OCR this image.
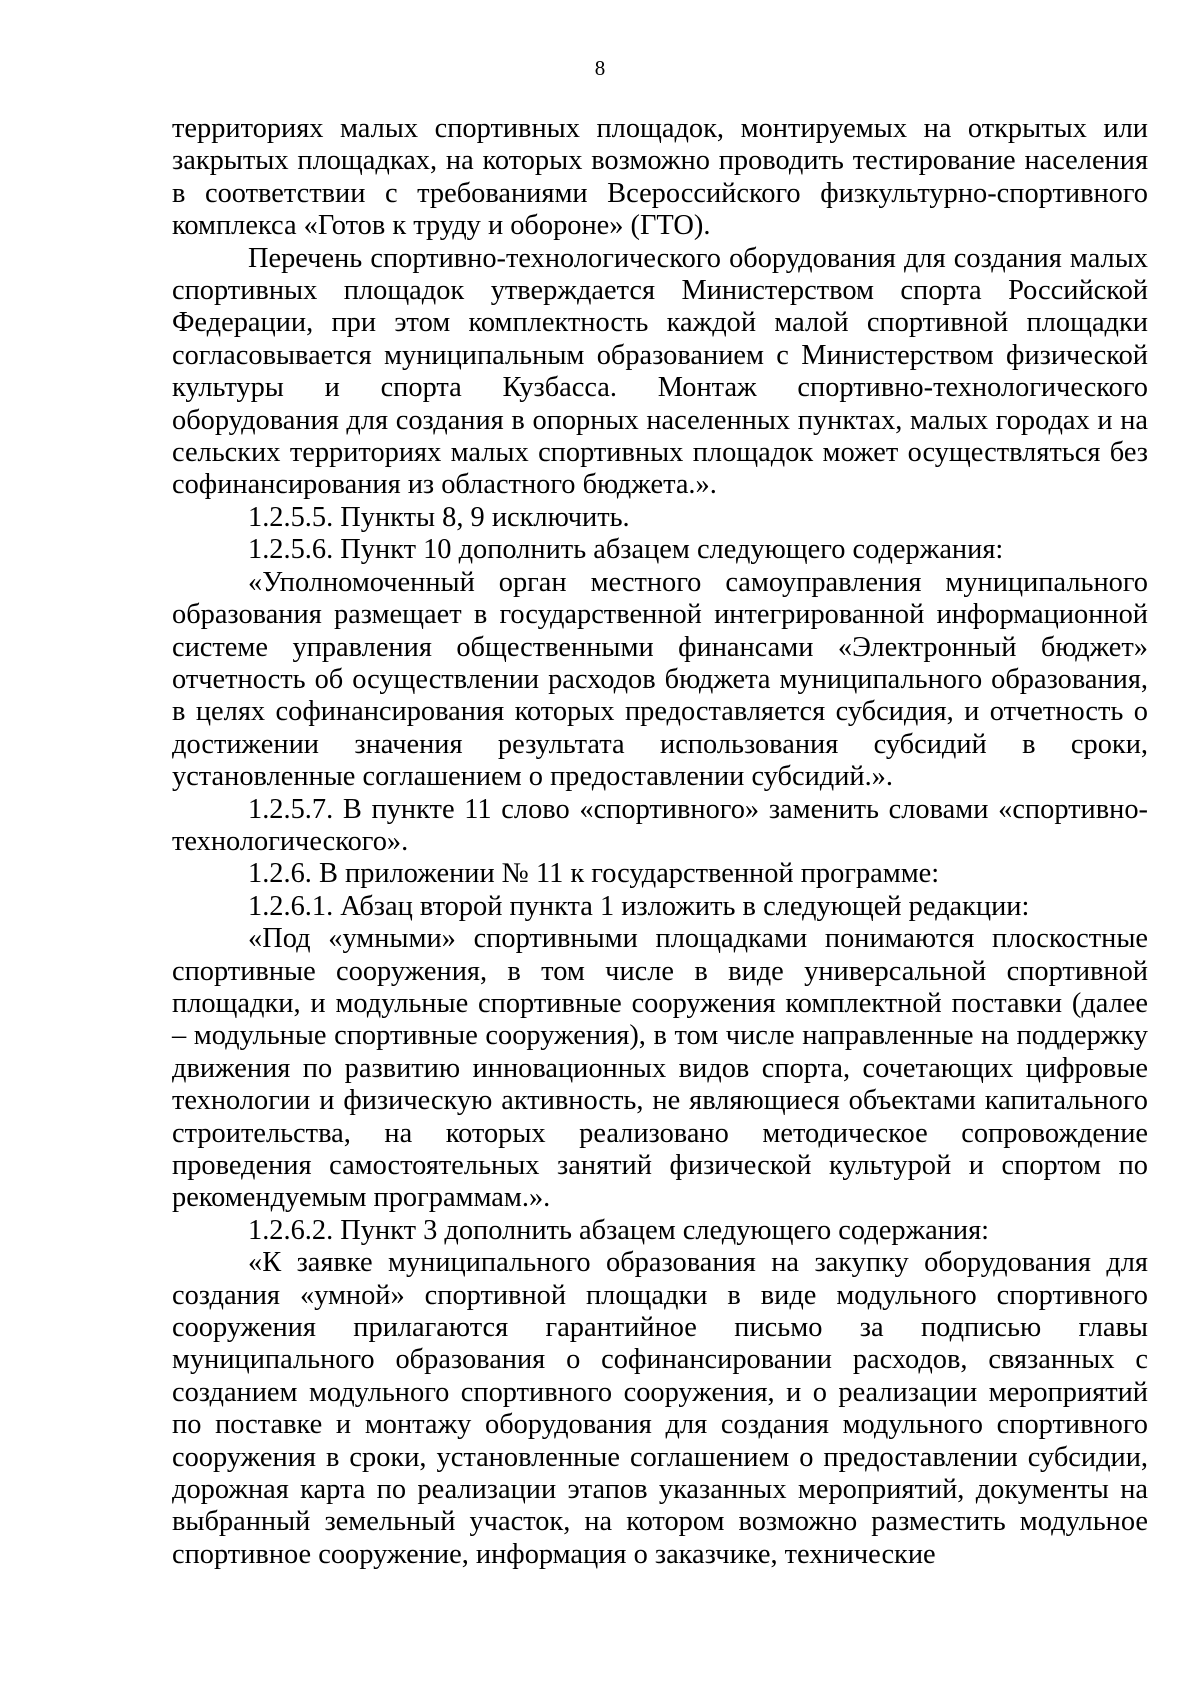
8

территориях малых спортивных площадок, монтируемых на открытых или закрытых площадках, на которых возможно проводить тестирование населения в соответствии с требованиями Всероссийского физкультурно-спортивного комплекса «Готов к труду и обороне» (ГТО).

Перечень спортивно-технологического оборудования для создания малых спортивных площадок утверждается Министерством спорта Российской Федерации, при этом комплектность каждой малой спортивной площадки согласовывается муниципальным образованием с Министерством физической культуры и спорта Кузбасса. Монтаж спортивно-технологического оборудования для создания в опорных населенных пунктах, малых городах и на сельских территориях малых спортивных площадок может осуществляться без софинансирования из областного бюджета.».

1.2.5.5. Пункты 8, 9 исключить.

1.2.5.6. Пункт 10 дополнить абзацем следующего содержания:

«Уполномоченный орган местного самоуправления муниципального образования размещает в государственной интегрированной информационной системе управления общественными финансами «Электронный бюджет» отчетность об осуществлении расходов бюджета муниципального образования, в целях софинансирования которых предоставляется субсидия, и отчетность о достижении значения результата использования субсидий в сроки, установленные соглашением о предоставлении субсидий.».

1.2.5.7. В пункте 11 слово «спортивного» заменить словами «спортивно-технологического».

1.2.6. В приложении № 11 к государственной программе:

1.2.6.1. Абзац второй пункта 1 изложить в следующей редакции:

«Под «умными» спортивными площадками понимаются плоскостные спортивные сооружения, в том числе в виде универсальной спортивной площадки, и модульные спортивные сооружения комплектной поставки (далее – модульные спортивные сооружения), в том числе направленные на поддержку движения по развитию инновационных видов спорта, сочетающих цифровые технологии и физическую активность, не являющиеся объектами капитального строительства, на которых реализовано методическое сопровождение проведения самостоятельных занятий физической культурой и спортом по рекомендуемым программам.».

1.2.6.2. Пункт 3 дополнить абзацем следующего содержания:

«К заявке муниципального образования на закупку оборудования для создания «умной» спортивной площадки в виде модульного спортивного сооружения прилагаются гарантийное письмо за подписью главы муниципального образования о софинансировании расходов, связанных с созданием модульного спортивного сооружения, и о реализации мероприятий по поставке и монтажу оборудования для создания модульного спортивного сооружения в сроки, установленные соглашением о предоставлении субсидии, дорожная карта по реализации этапов указанных мероприятий, документы на выбранный земельный участок, на котором возможно разместить модульное спортивное сооружение, информация о заказчике, технические
